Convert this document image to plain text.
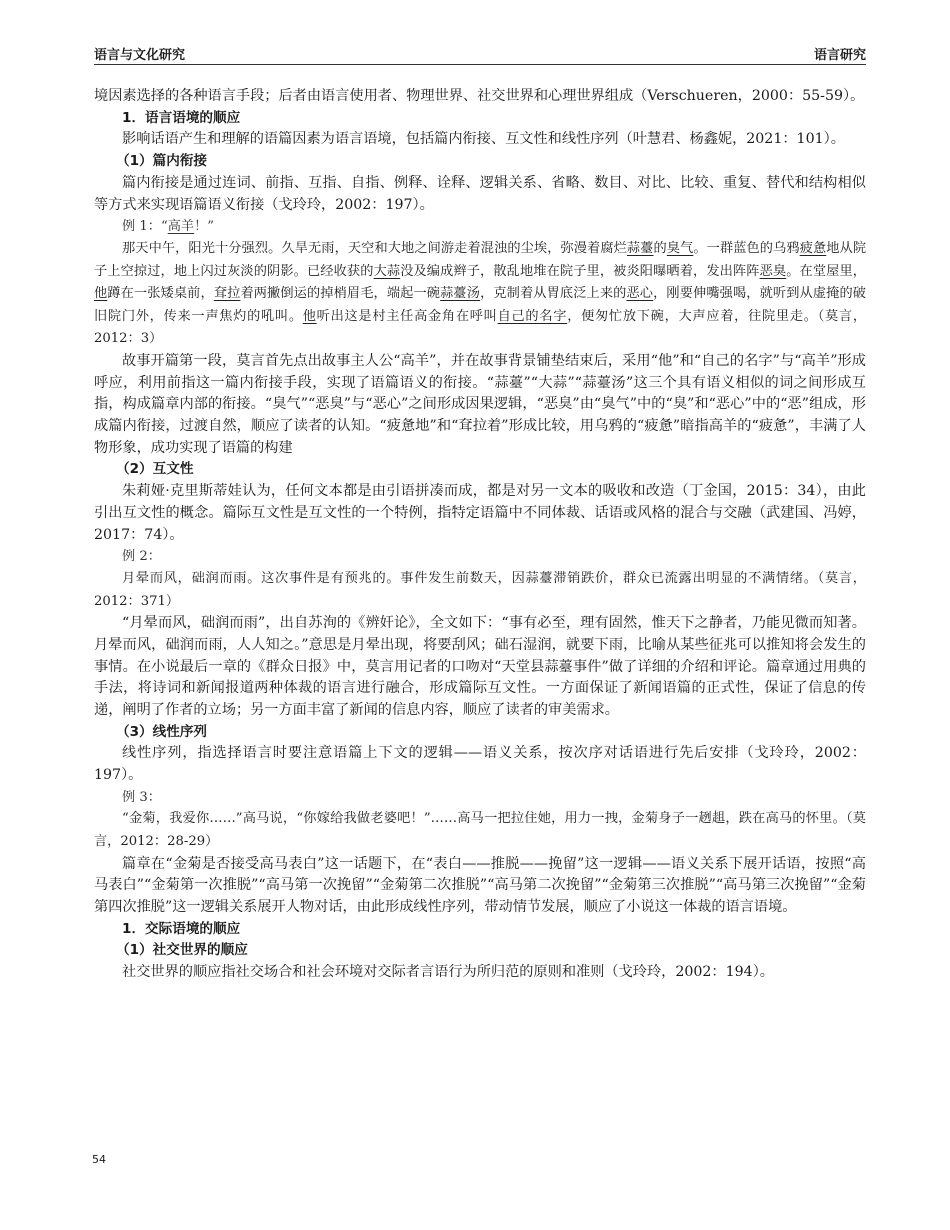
语言与文化研究	语言研究

境因素选择的各种语言手段；后者由语言使用者、物理世界、社交世界和心理世界组成（Verschueren，2000：55-59）。

1．语言语境的顺应

影响话语产生和理解的语篇因素为语言语境，包括篇内衔接、互文性和线性序列（叶慧君、杨鑫妮，2021：101）。

（1）篇内衔接

篇内衔接是通过连词、前指、互指、自指、例释、诠释、逻辑关系、省略、数目、对比、比较、重复、替代和结构相似等方式来实现语篇语义衔接（戈玲玲，2002：197）。

例 1：“高羊！”

那天中午，阳光十分强烈。久旱无雨，天空和大地之间游走着混浊的尘埃，弥漫着腐烂蒜薹的臭气。一群蓝色的乌鸦疲惫地从院子上空掠过，地上闪过灰淡的阴影。已经收获的大蒜没及编成辫子，散乱地堆在院子里，被炎阳曝晒着，发出阵阵恶臭。在堂屋里，他蹲在一张矮桌前，耷拉着两撇倒运的掉梢眉毛，端起一碗蒜薹汤，克制着从胃底泛上来的恶心，刚要伸嘴强喝，就听到从虚掩的破旧院门外，传来一声焦灼的吼叫。他听出这是村主任高金角在呼叫自己的名字，便匆忙放下碗，大声应着，往院里走。（莫言，2012：3）

故事开篇第一段，莫言首先点出故事主人公“高羊”，并在故事背景铺垫结束后，采用“他”和“自己的名字”与“高羊”形成呼应，利用前指这一篇内衔接手段，实现了语篇语义的衔接。“蒜薹”“大蒜”“蒜薹汤”这三个具有语义相似的词之间形成互指，构成篇章内部的衔接。“臭气”“恶臭”与“恶心”之间形成因果逻辑，“恶臭”由“臭气”中的“臭”和“恶心”中的“恶”组成，形成篇内衔接，过渡自然，顺应了读者的认知。“疲惫地”和“耷拉着”形成比较，用乌鸦的“疲惫”暗指高羊的“疲惫”，丰满了人物形象，成功实现了语篇的构建

（2）互文性

朱莉娅·克里斯蒂娃认为，任何文本都是由引语拼凑而成，都是对另一文本的吸收和改造（丁金国，2015：34），由此引出互文性的概念。篇际互文性是互文性的一个特例，指特定语篇中不同体裁、话语或风格的混合与交融（武建国、冯婷，2017：74）。

例 2：

月晕而风，础润而雨。这次事件是有预兆的。事件发生前数天，因蒜薹滞销跌价，群众已流露出明显的不满情绪。（莫言，2012：371）

“月晕而风，础润而雨”，出自苏洵的《辨奸论》，全文如下：“事有必至，理有固然，惟天下之静者，乃能见微而知著。月晕而风，础润而雨，人人知之。”意思是月晕出现，将要刮风；础石湿润，就要下雨，比喻从某些征兆可以推知将会发生的事情。在小说最后一章的《群众日报》中，莫言用记者的口吻对“天堂县蒜薹事件”做了详细的介绍和评论。篇章通过用典的手法，将诗词和新闻报道两种体裁的语言进行融合，形成篇际互文性。一方面保证了新闻语篇的正式性，保证了信息的传递，阐明了作者的立场；另一方面丰富了新闻的信息内容，顺应了读者的审美需求。

（3）线性序列

线性序列，指选择语言时要注意语篇上下文的逻辑——语义关系，按次序对话语进行先后安排（戈玲玲，2002：197）。

例 3：

“金菊，我爱你……”高马说，“你嫁给我做老婆吧！”……高马一把拉住她，用力一拽，金菊身子一趔趄，跌在高马的怀里。（莫言，2012：28-29）

篇章在“金菊是否接受高马表白”这一话题下，在“表白——推脱——挽留”这一逻辑——语义关系下展开话语，按照“高马表白”“金菊第一次推脱”“高马第一次挽留”“金菊第二次推脱”“高马第二次挽留”“金菊第三次推脱”“高马第三次挽留”“金菊第四次推脱”这一逻辑关系展开人物对话，由此形成线性序列，带动情节发展，顺应了小说这一体裁的语言语境。

1．交际语境的顺应

（1）社交世界的顺应

社交世界的顺应指社交场合和社会环境对交际者言语行为所归范的原则和准则（戈玲玲，2002：194）。

54
